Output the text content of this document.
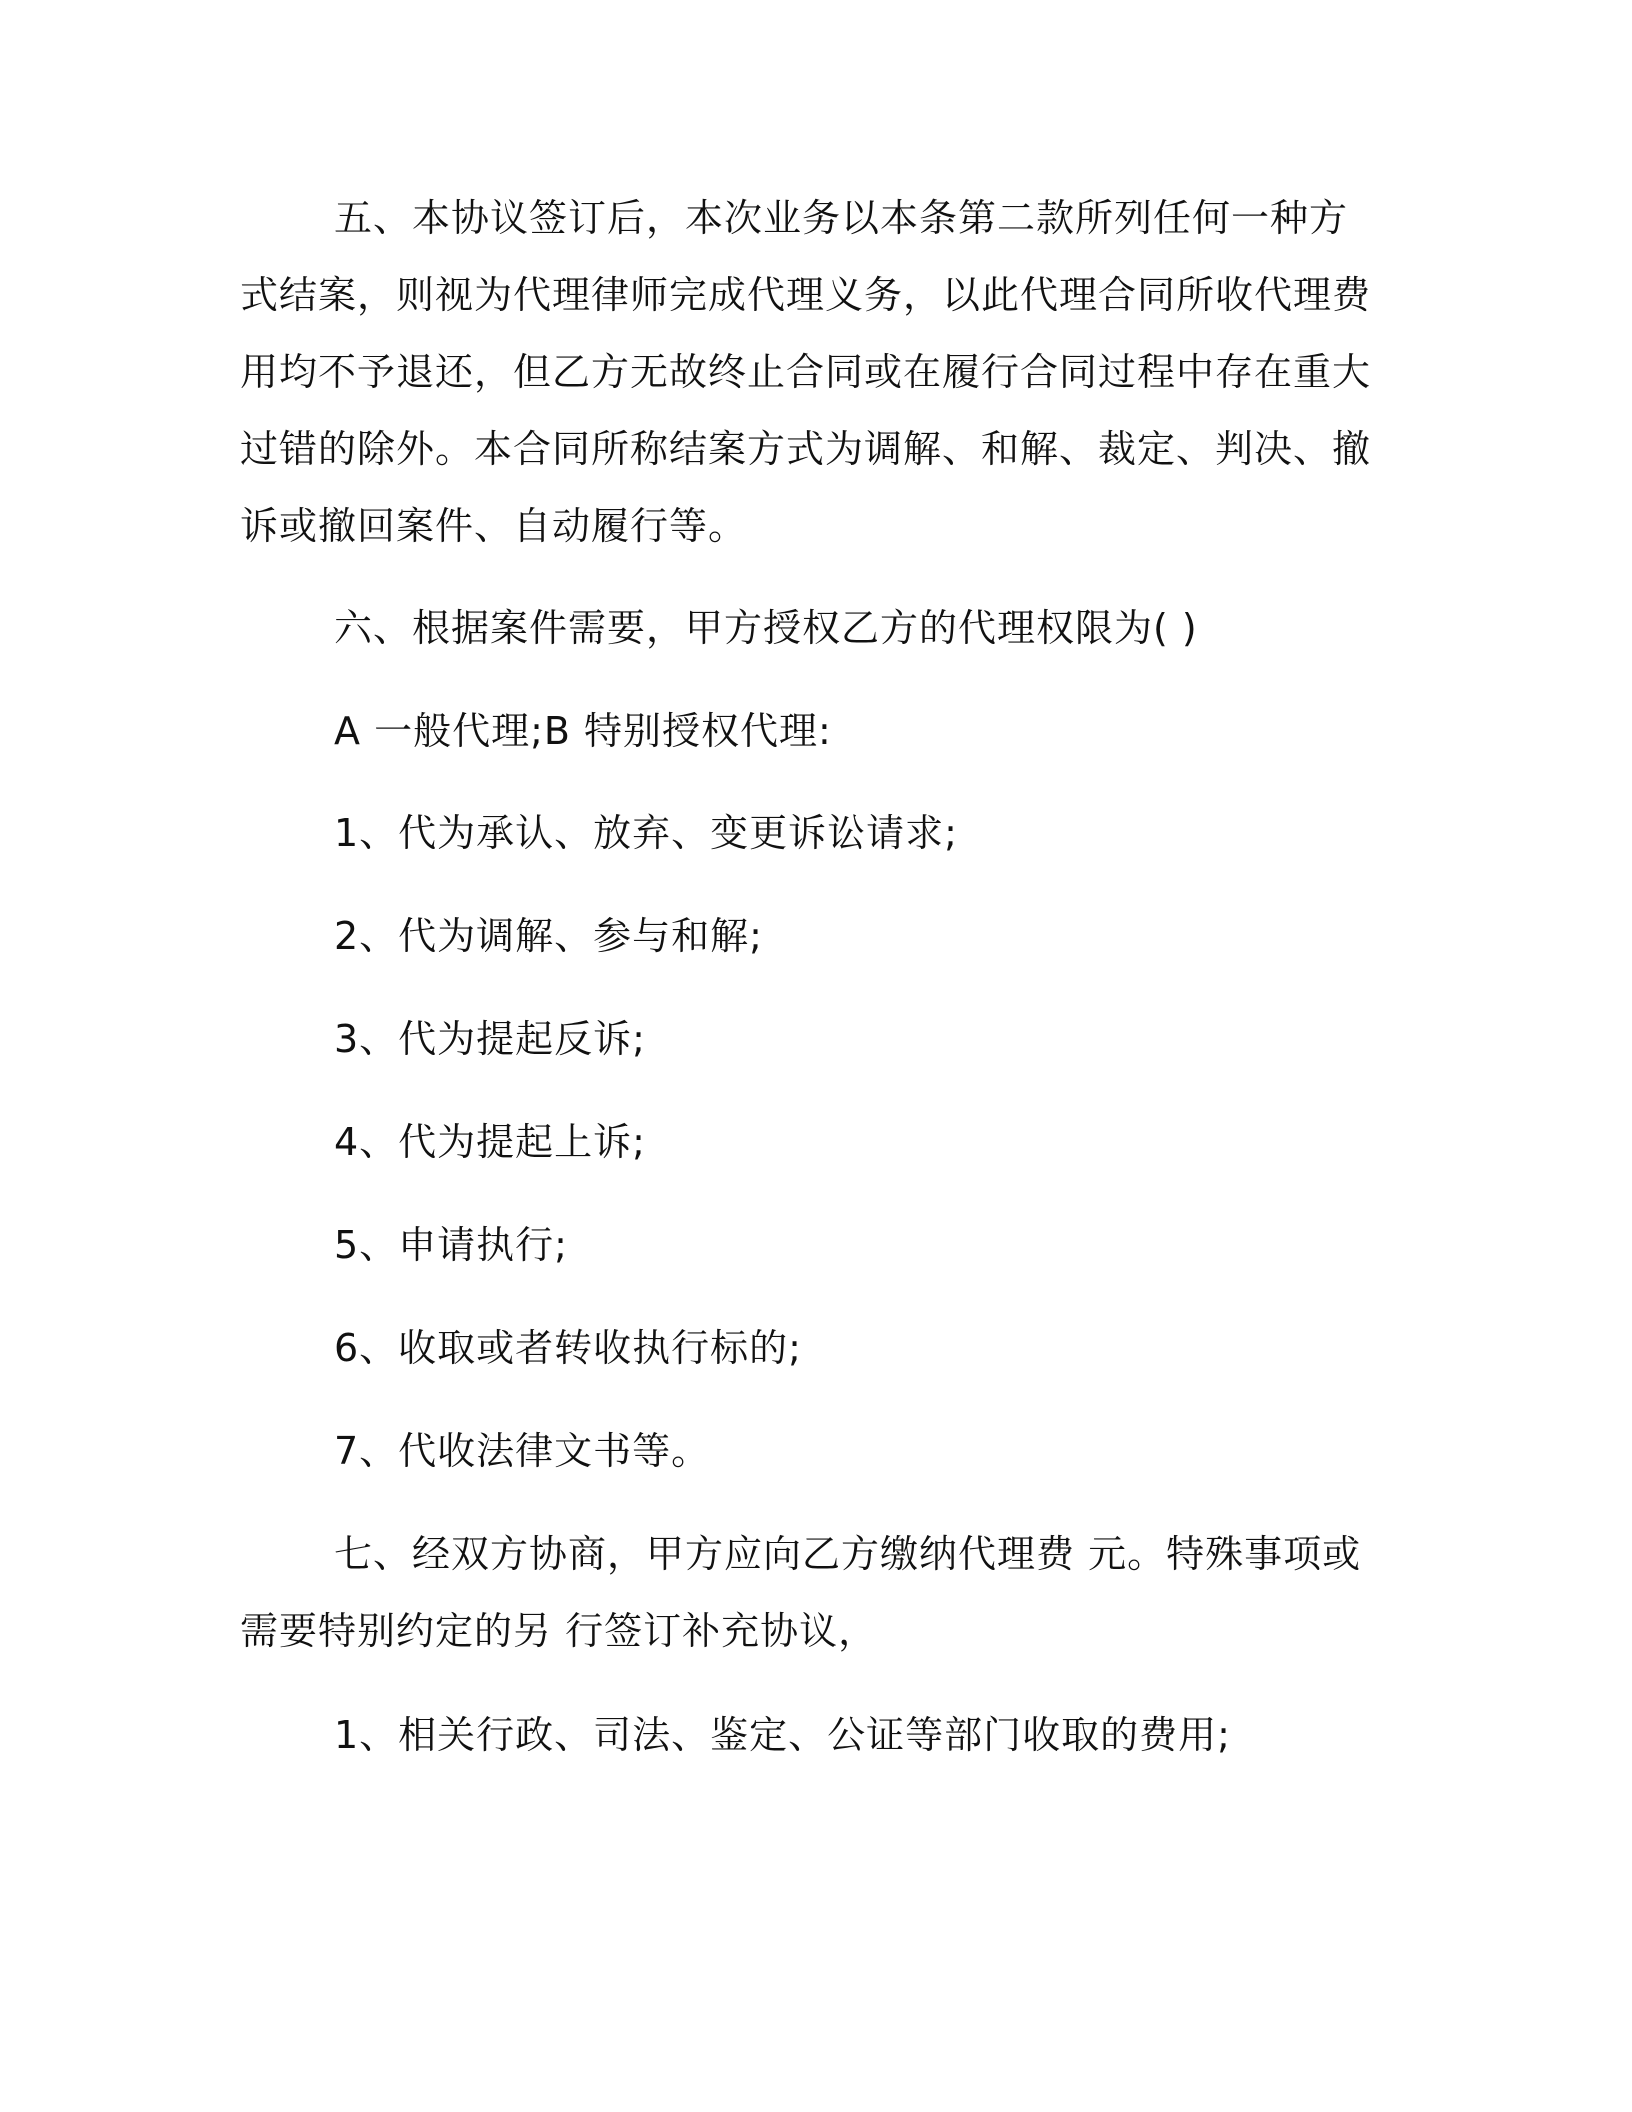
五、本协议签订后，本次业务以本条第二款所列任何一种方式结案，则视为代理律师完成代理义务，以此代理合同所收代理费用均不予退还，但乙方无故终止合同或在履行合同过程中存在重大过错的除外。本合同所称结案方式为调解、和解、裁定、判决、撤诉或撤回案件、自动履行等。

六、根据案件需要，甲方授权乙方的代理权限为( )

A 一般代理;B 特别授权代理:

1、代为承认、放弃、变更诉讼请求;

2、代为调解、参与和解;

3、代为提起反诉;

4、代为提起上诉;

5、申请执行;

6、收取或者转收执行标的;

7、代收法律文书等。

七、经双方协商，甲方应向乙方缴纳代理费 元。特殊事项或需要特别约定的另 行签订补充协议，

1、相关行政、司法、鉴定、公证等部门收取的费用;
